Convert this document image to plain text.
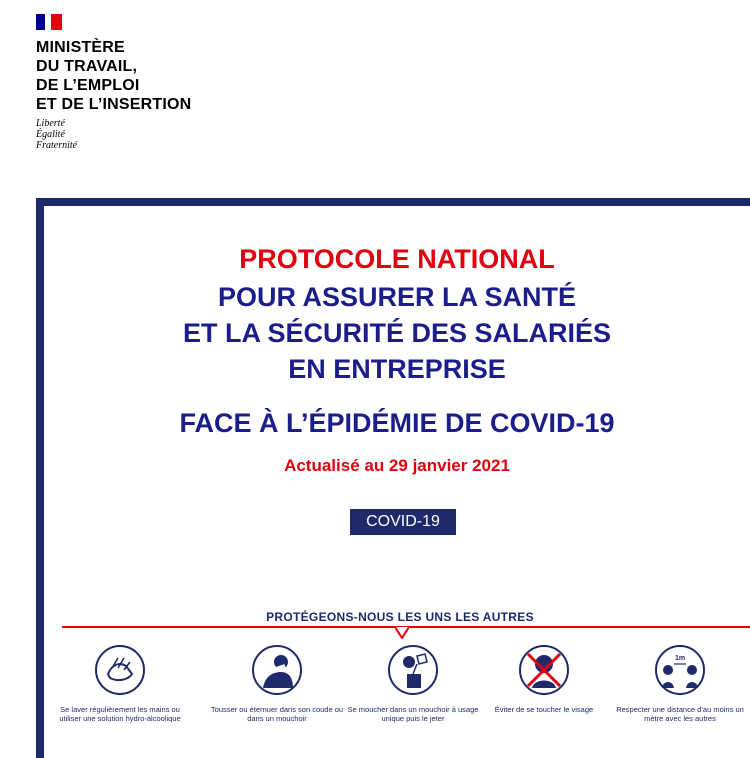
MINISTÈRE
DU TRAVAIL,
DE L’EMPLOI
ET DE L’INSERTION
Liberté
Égalité
Fraternité
PROTOCOLE NATIONAL
POUR ASSURER LA SANTÉ
ET LA SÉCURITÉ DES SALARIÉS
EN ENTREPRISE
FACE À L’ÉPIDÉMIE DE COVID-19
Actualisé au 29 janvier 2021
COVID-19
PROTÉGEONS-NOUS LES UNS LES AUTRES
Se laver régulièrement les mains ou utiliser une solution hydro-alcoolique
Tousser ou éternuer dans son coude ou dans un mouchoir
Se moucher dans un mouchoir à usage unique puis le jeter
Éviter de se toucher le visage
1m
Respecter une distance d’au moins un mètre avec les autres
